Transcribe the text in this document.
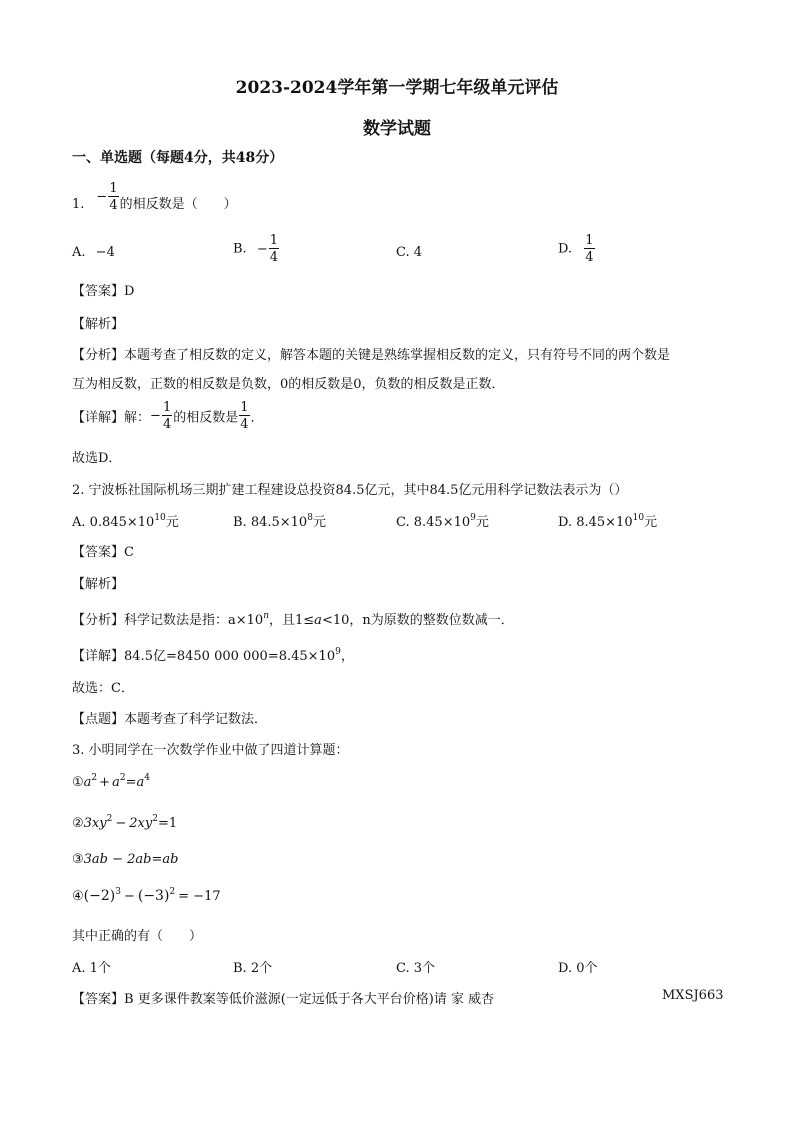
2023-2024学年第一学期七年级单元评估
数学试题
一、单选题（每题4分，共48分）
1. − $\frac{1}{4}$ 的相反数是（　　）
A. −4	B. − $\frac{1}{4}$	C. 4	D. $\frac{1}{4}$
【答案】D
【解析】
【分析】本题考查了相反数的定义，解答本题的关键是熟练掌握相反数的定义，只有符号不同的两个数是
互为相反数，正数的相反数是负数，0的相反数是0，负数的相反数是正数．
【详解】解：− $\frac{1}{4}$ 的相反数是 $\frac{1}{4}$ ．
故选D．
2. 宁波栎社国际机场三期扩建工程建设总投资84.5亿元，其中84.5亿元用科学记数法表示为（）
A. $0.845\times 10^{10}$元	B. $84.5\times 10^8$元	C. $8.45\times 10^9$元	D. $8.45\times 10^{10}$元
【答案】C
【解析】
【分析】科学记数法是指：$a\times 10^n$，且1≤a<10，n为原数的整数位数减一．
【详解】84.5亿=8450 000 $000=8.45\times 10^9$，
故选：C．
【点题】本题考查了科学记数法．
3. 小明同学在一次数学作业中做了四道计算题：
$①a^2 + a^2=a^4$
$②3xy^2 - 2xy^2=1$
③3ab − 2ab=ab
$④(-2)^3 - (-3)^2 = -17$
其中正确的有（　　）
A. 1个	B. 2个	C. 3个	D. 0个
【答案】B 更多课件教案等低价滋源(一定远低于各大平台价格)请 家 威杏	MXSJ663
